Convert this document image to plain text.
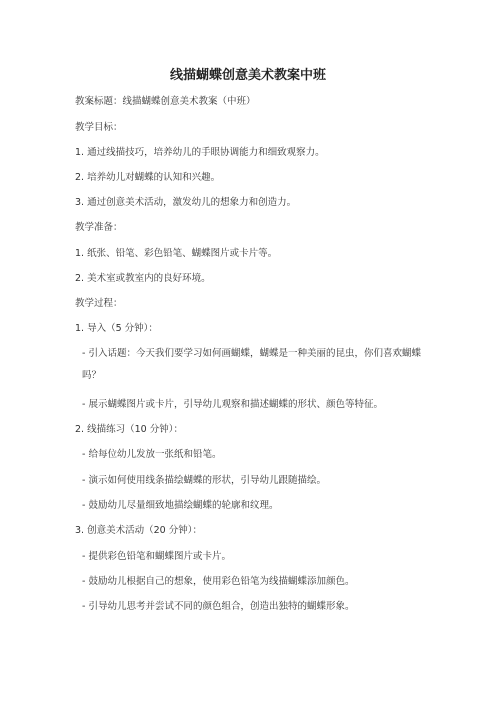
线描蝴蝶创意美术教案中班
教案标题：线描蝴蝶创意美术教案（中班）
教学目标：
1. 通过线描技巧，培养幼儿的手眼协调能力和细致观察力。
2. 培养幼儿对蝴蝶的认知和兴趣。
3. 通过创意美术活动，激发幼儿的想象力和创造力。
教学准备：
1. 纸张、铅笔、彩色铅笔、蝴蝶图片或卡片等。
2. 美术室或教室内的良好环境。
教学过程：
1. 导入（5 分钟）：
- 引入话题：今天我们要学习如何画蝴蝶，蝴蝶是一种美丽的昆虫，你们喜欢蝴蝶吗？
- 展示蝴蝶图片或卡片，引导幼儿观察和描述蝴蝶的形状、颜色等特征。
2. 线描练习（10 分钟）：
- 给每位幼儿发放一张纸和铅笔。
- 演示如何使用线条描绘蝴蝶的形状，引导幼儿跟随描绘。
- 鼓励幼儿尽量细致地描绘蝴蝶的轮廓和纹理。
3. 创意美术活动（20 分钟）：
- 提供彩色铅笔和蝴蝶图片或卡片。
- 鼓励幼儿根据自己的想象，使用彩色铅笔为线描蝴蝶添加颜色。
- 引导幼儿思考并尝试不同的颜色组合，创造出独特的蝴蝶形象。
